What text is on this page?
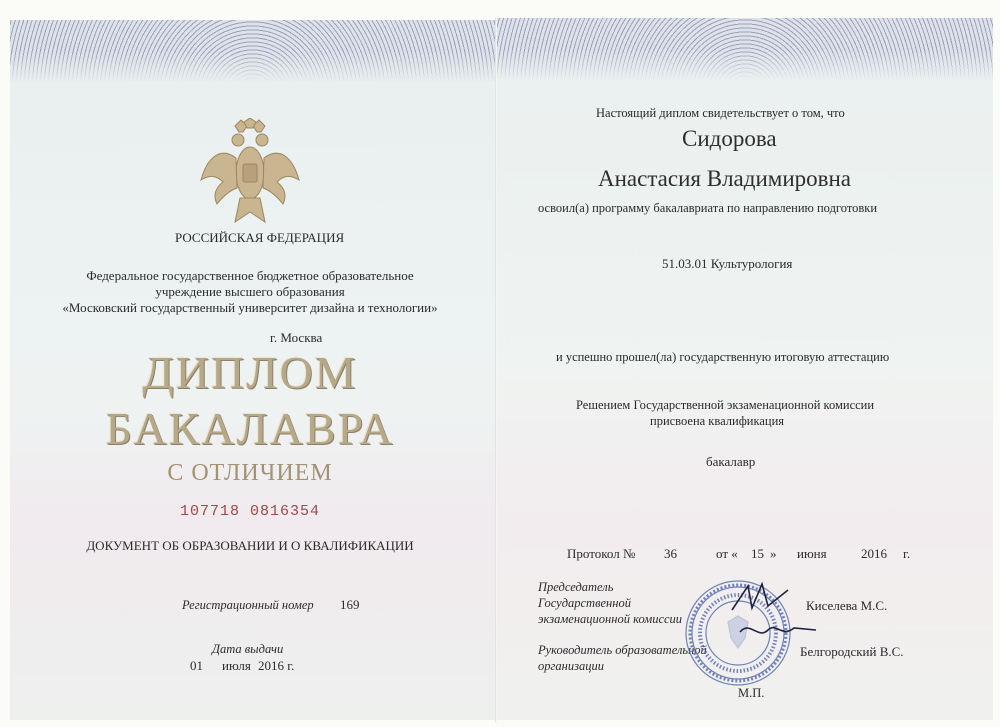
РОССИЙСКАЯ ФЕДЕРАЦИЯ
Федеральное государственное бюджетное образовательное
учреждение высшего образования
«Московский государственный университет дизайна и технологии»
г. Москва
ДИПЛОМ
БАКАЛАВРА
С ОТЛИЧИЕМ
107718 0816354
ДОКУМЕНТ ОБ ОБРАЗОВАНИИ И О КВАЛИФИКАЦИИ
Регистрационный номер 169
Дата выдачи
01 июля 2016 г.
Настоящий диплом свидетельствует о том, что
Сидорова
Анастасия Владимировна
освоил(а) программу бакалавриата по направлению подготовки
51.03.01 Культурология
и успешно прошел(ла) государственную итоговую аттестацию
Решением Государственной экзаменационной комиссии
присвоена квалификация
бакалавр
Протокол № 36	от « 15 » июня	2016 г.
Председатель
Государственной
экзаменационной комиссии
Киселева М.С.
Руководитель образовательной
организации
Белгородский В.С.
М.П.
